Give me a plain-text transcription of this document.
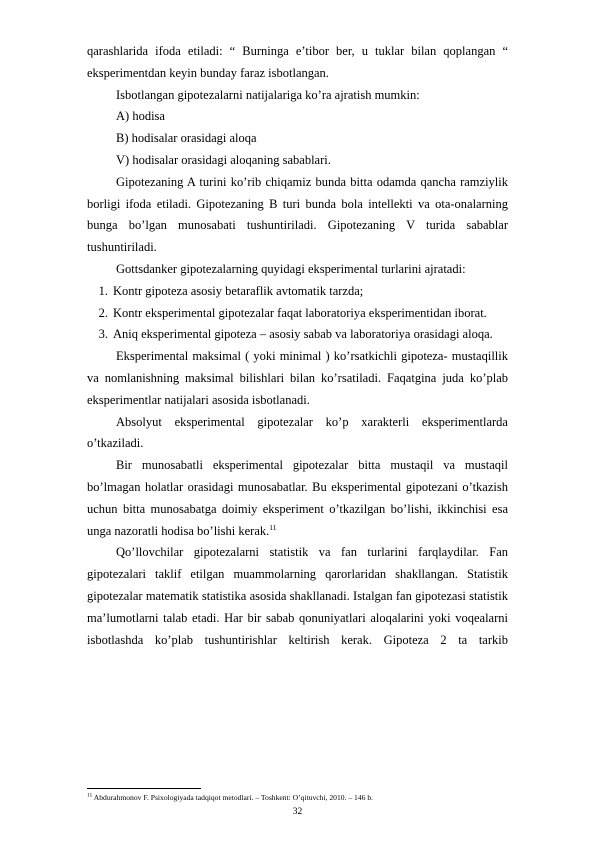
qarashlarida ifoda etiladi: “ Burninga e’tibor ber, u tuklar bilan qoplangan “ eksperimentdan keyin bunday faraz isbotlangan.

Isbotlangan gipotezalarni natijalariga ko’ra ajratish mumkin:

A) hodisa

B) hodisalar orasidagi aloqa

V) hodisalar orasidagi aloqaning sabablari.

Gipotezaning A turini ko’rib chiqamiz bunda bitta odamda qancha ramziylik borligi ifoda etiladi. Gipotezaning B turi bunda bola intellekti va ota-onalarning bunga bo’lgan munosabati tushuntiriladi. Gipotezaning V turida sabablar tushuntiriladi.

Gottsdanker gipotezalarning quyidagi eksperimental turlarini ajratadi:

1. Kontr gipoteza asosiy betaraflik avtomatik tarzda;
2. Kontr eksperimental gipotezalar faqat laboratoriya eksperimentidan iborat.
3. Aniq eksperimental gipoteza – asosiy sabab va laboratoriya orasidagi aloqa.

Eksperimental maksimal ( yoki minimal ) ko’rsatkichli gipoteza- mustaqillik va nomlanishning maksimal bilishlari bilan ko’rsatiladi. Faqatgina juda ko’plab eksperimentlar natijalari asosida isbotlanadi.

Absolyut eksperimental gipotezalar ko’p xarakterli eksperimentlarda o’tkaziladi.

Bir munosabatli eksperimental gipotezalar bitta mustaqil va mustaqil bo’lmagan holatlar orasidagi munosabatlar. Bu eksperimental gipotezani o’tkazish uchun bitta munosabatga doimiy eksperiment o’tkazilgan bo’lishi, ikkinchisi esa unga nazoratli hodisa bo’lishi kerak.$^{11}$

Qo’llovchilar gipotezalarni statistik va fan turlarini farqlaydilar. Fan gipotezalari taklif etilgan muammolarning qarorlaridan shakllangan. Statistik gipotezalar matematik statistika asosida shakllanadi. Istalgan fan gipotezasi statistik ma’lumotlarni talab etadi. Har bir sabab qonuniyatlari aloqalarini yoki voqealarni isbotlashda ko’plab tushuntirishlar keltirish kerak. Gipoteza 2 ta tarkib

$^{11}$ Abdurahmonov F. Psixologiyada tadqiqot metodlari. – Toshkent: O’qituvchi, 2010. – 146 b.
32
